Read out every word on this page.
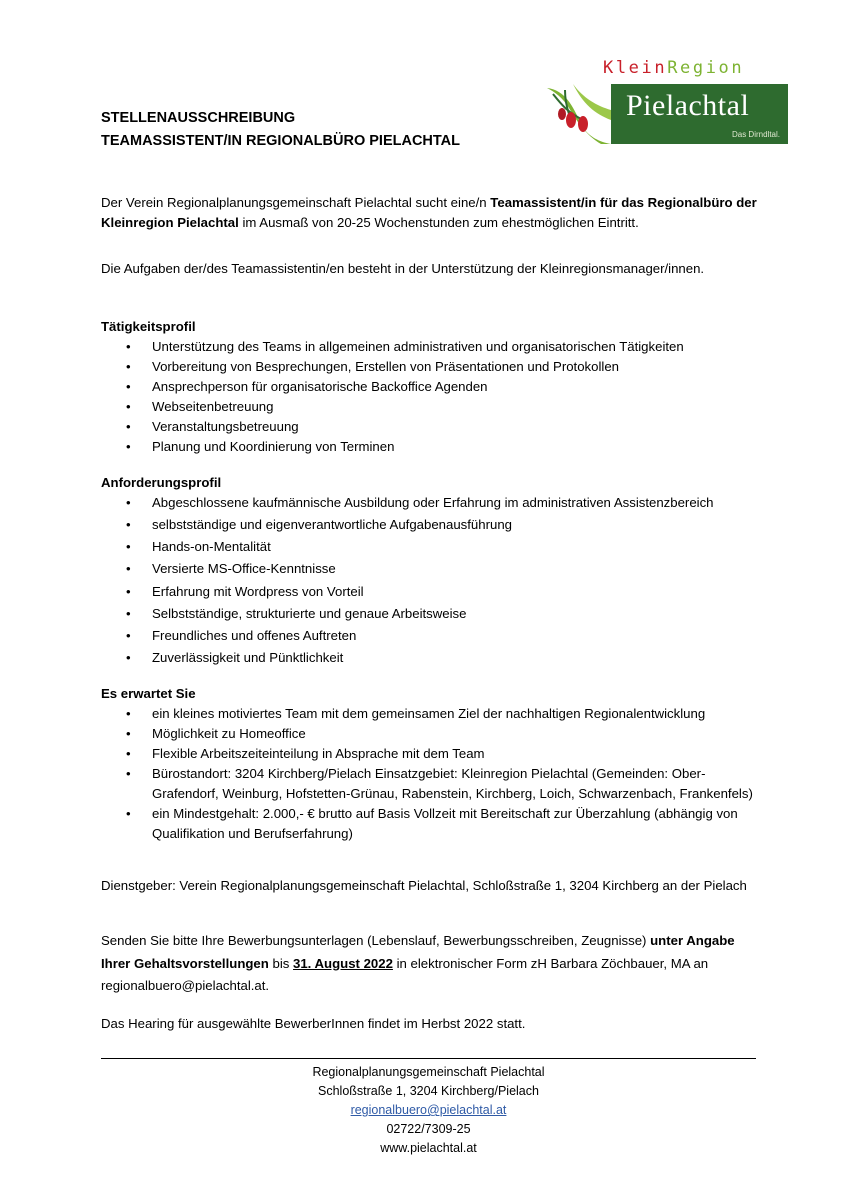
KleinRegion
Pielachtal
Das Dirndltal.
STELLENAUSSCHREIBUNG
TEAMASSISTENT/IN REGIONALBÜRO PIELACHTAL
Der Verein Regionalplanungsgemeinschaft Pielachtal sucht eine/n Teamassistent/in für das Regionalbüro der Kleinregion Pielachtal im Ausmaß von 20-25 Wochenstunden zum ehestmöglichen Eintritt.
Die Aufgaben der/des Teamassistentin/en besteht in der Unterstützung der Kleinregionsmanager/innen.
Tätigkeitsprofil
• Unterstützung des Teams in allgemeinen administrativen und organisatorischen Tätigkeiten
• Vorbereitung von Besprechungen, Erstellen von Präsentationen und Protokollen
• Ansprechperson für organisatorische Backoffice Agenden
• Webseitenbetreuung
• Veranstaltungsbetreuung
• Planung und Koordinierung von Terminen
Anforderungsprofil
• Abgeschlossene kaufmännische Ausbildung oder Erfahrung im administrativen Assistenzbereich
• selbstständige und eigenverantwortliche Aufgabenausführung
• Hands-on-Mentalität
• Versierte MS-Office-Kenntnisse
• Erfahrung mit Wordpress von Vorteil
• Selbstständige, strukturierte und genaue Arbeitsweise
• Freundliches und offenes Auftreten
• Zuverlässigkeit und Pünktlichkeit
Es erwartet Sie
• ein kleines motiviertes Team mit dem gemeinsamen Ziel der nachhaltigen Regionalentwicklung
• Möglichkeit zu Homeoffice
• Flexible Arbeitszeiteinteilung in Absprache mit dem Team
• Bürostandort: 3204 Kirchberg/Pielach Einsatzgebiet: Kleinregion Pielachtal (Gemeinden: Ober-Grafendorf, Weinburg, Hofstetten-Grünau, Rabenstein, Kirchberg, Loich, Schwarzenbach, Frankenfels)
• ein Mindestgehalt: 2.000,- € brutto auf Basis Vollzeit mit Bereitschaft zur Überzahlung (abhängig von Qualifikation und Berufserfahrung)
Dienstgeber: Verein Regionalplanungsgemeinschaft Pielachtal, Schloßstraße 1, 3204 Kirchberg an der Pielach
Senden Sie bitte Ihre Bewerbungsunterlagen (Lebenslauf, Bewerbungsschreiben, Zeugnisse) unter Angabe Ihrer Gehaltsvorstellungen bis 31. August 2022 in elektronischer Form zH Barbara Zöchbauer, MA an regionalbuero@pielachtal.at.
Das Hearing für ausgewählte BewerberInnen findet im Herbst 2022 statt.
Regionalplanungsgemeinschaft Pielachtal
Schloßstraße 1, 3204 Kirchberg/Pielach
regionalbuero@pielachtal.at
02722/7309-25
www.pielachtal.at
